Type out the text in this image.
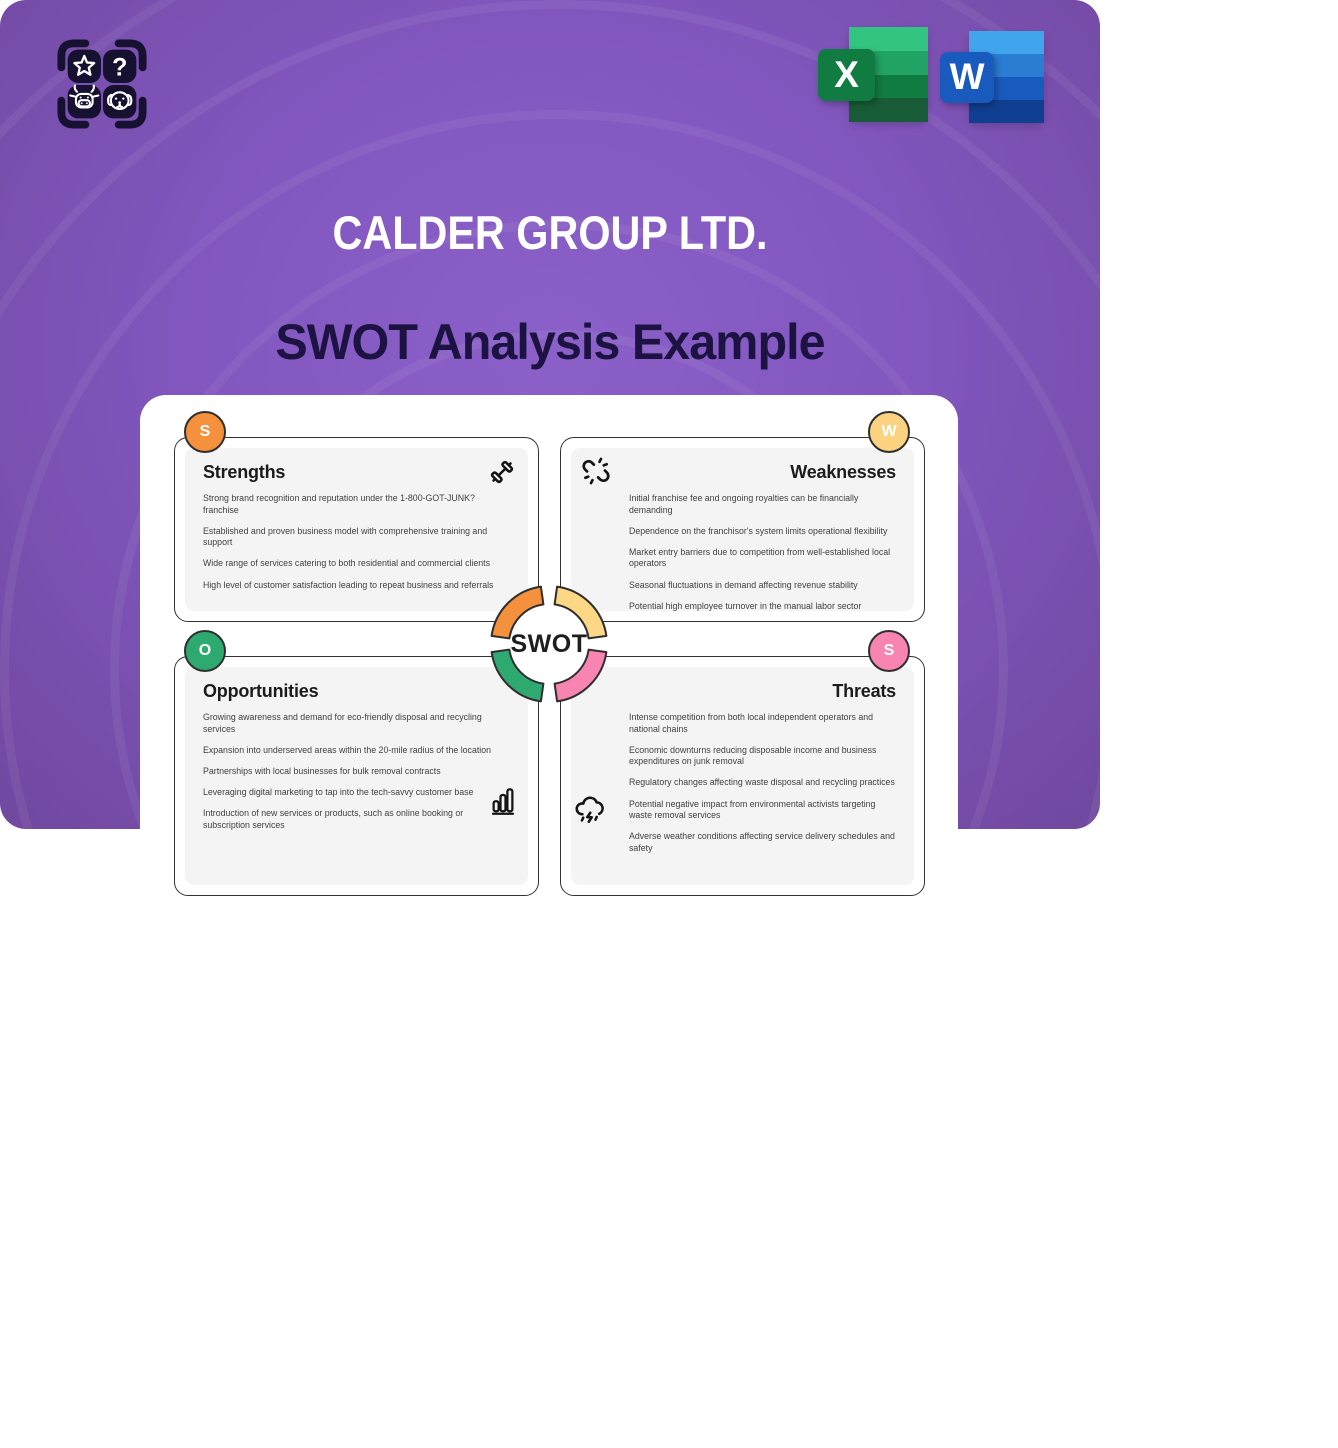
?	X	W
CALDER GROUP LTD.
SWOT Analysis Example
S
Strengths
Strong brand recognition and reputation under the 1-800-GOT-JUNK? franchise
Established and proven business model with comprehensive training and support
Wide range of services catering to both residential and commercial clients
High level of customer satisfaction leading to repeat business and referrals
W
Weaknesses
Initial franchise fee and ongoing royalties can be financially demanding
Dependence on the franchisor's system limits operational flexibility
Market entry barriers due to competition from well-established local operators
Seasonal fluctuations in demand affecting revenue stability
Potential high employee turnover in the manual labor sector
O
Opportunities
Growing awareness and demand for eco-friendly disposal and recycling services
Expansion into underserved areas within the 20-mile radius of the location
Partnerships with local businesses for bulk removal contracts
Leveraging digital marketing to tap into the tech-savvy customer base
Introduction of new services or products, such as online booking or subscription services
S
Threats
Intense competition from both local independent operators and national chains
Economic downturns reducing disposable income and business expenditures on junk removal
Regulatory changes affecting waste disposal and recycling practices
Potential negative impact from environmental activists targeting waste removal services
Adverse weather conditions affecting service delivery schedules and safety
SWOT
